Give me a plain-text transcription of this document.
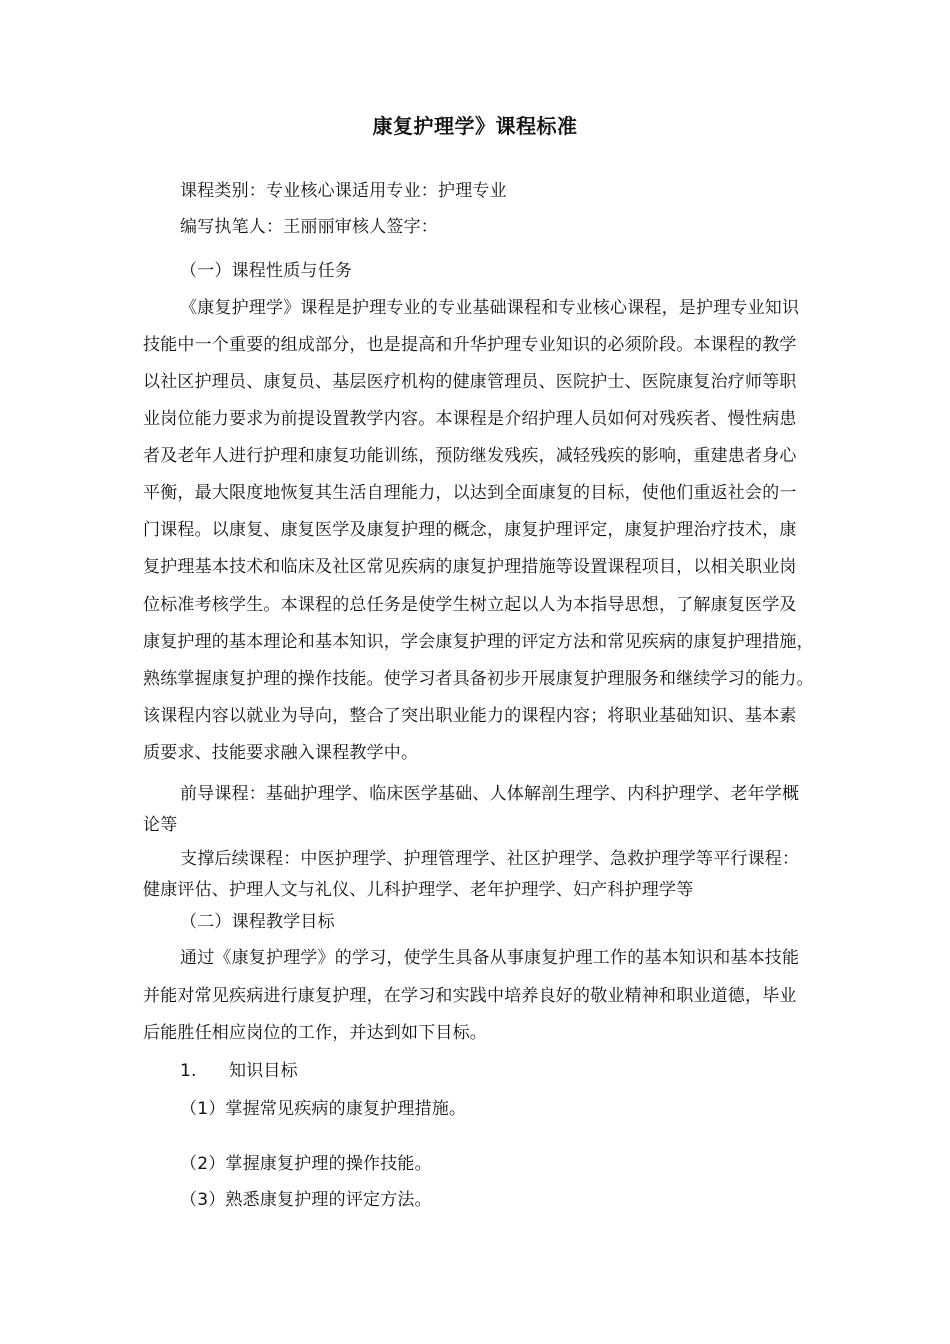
康复护理学》课程标准

课程类别：专业核心课适用专业：护理专业

编写执笔人：王丽丽审核人签字：

（一）课程性质与任务

《康复护理学》课程是护理专业的专业基础课程和专业核心课程，是护理专业知识

技能中一个重要的组成部分，也是提高和升华护理专业知识的必须阶段。本课程的教学

以社区护理员、康复员、基层医疗机构的健康管理员、医院护士、医院康复治疗师等职

业岗位能力要求为前提设置教学内容。本课程是介绍护理人员如何对残疾者、慢性病患

者及老年人进行护理和康复功能训练，预防继发残疾，减轻残疾的影响，重建患者身心

平衡，最大限度地恢复其生活自理能力，以达到全面康复的目标，使他们重返社会的一

门课程。以康复、康复医学及康复护理的概念，康复护理评定，康复护理治疗技术，康

复护理基本技术和临床及社区常见疾病的康复护理措施等设置课程项目，以相关职业岗

位标准考核学生。本课程的总任务是使学生树立起以人为本指导思想，了解康复医学及

康复护理的基本理论和基本知识，学会康复护理的评定方法和常见疾病的康复护理措施，

熟练掌握康复护理的操作技能。使学习者具备初步开展康复护理服务和继续学习的能力。

该课程内容以就业为导向，整合了突出职业能力的课程内容；将职业基础知识、基本素

质要求、技能要求融入课程教学中。

前导课程：基础护理学、临床医学基础、人体解剖生理学、内科护理学、老年学概

论等

支撑后续课程：中医护理学、护理管理学、社区护理学、急救护理学等平行课程：

健康评估、护理人文与礼仪、儿科护理学、老年护理学、妇产科护理学等

（二）课程教学目标

通过《康复护理学》的学习，使学生具备从事康复护理工作的基本知识和基本技能

并能对常见疾病进行康复护理，在学习和实践中培养良好的敬业精神和职业道德，毕业

后能胜任相应岗位的工作，并达到如下目标。

1. 知识目标

（1）掌握常见疾病的康复护理措施。

（2）掌握康复护理的操作技能。

（3）熟悉康复护理的评定方法。
